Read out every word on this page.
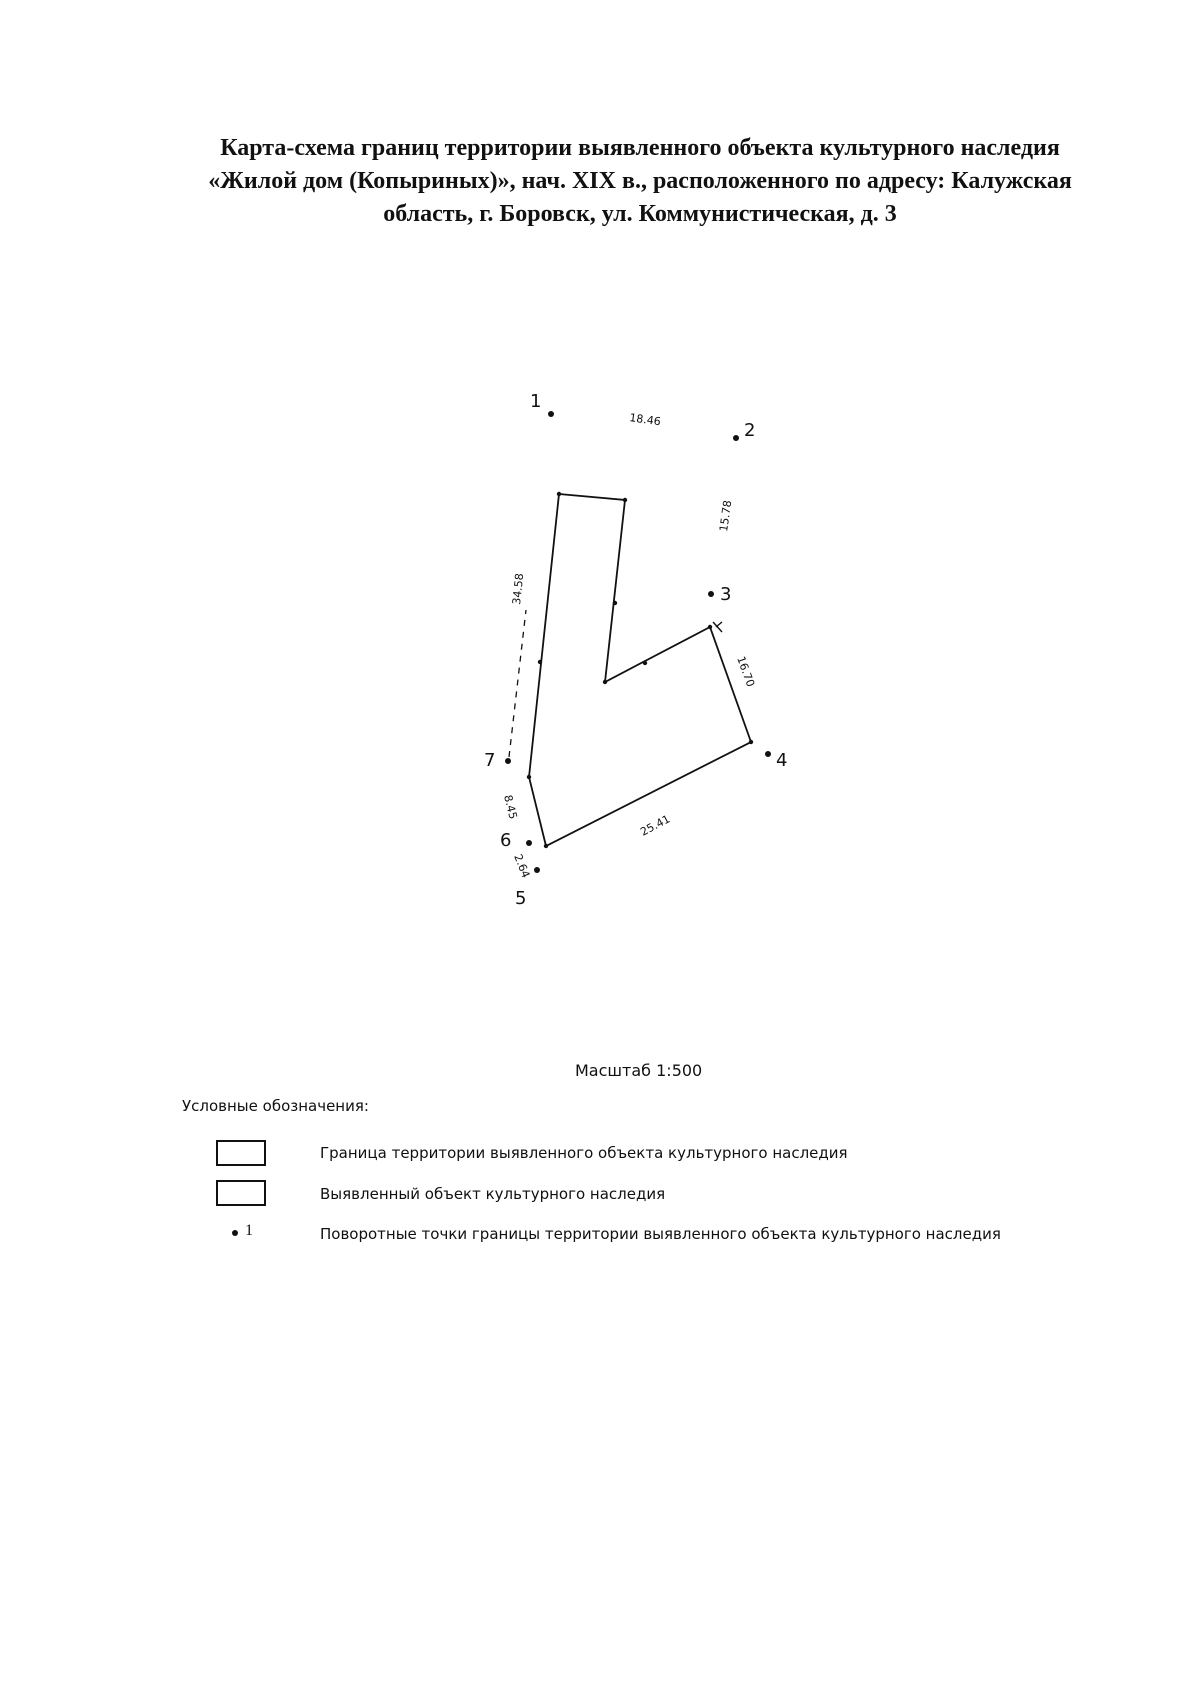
Карта-схема границ территории выявленного объекта культурного наследия
«Жилой дом (Копыриных)», нач. XIX в., расположенного по адресу: Калужская
область, г. Боровск, ул. Коммунистическая, д. 3
1
2
3
4
5
6
7
18.46
15.78
16.70
25.41
2.64
8.45
34.58
Масштаб 1:500
Условные обозначения:
Граница территории выявленного объекта культурного наследия
Выявленный объект культурного наследия
1	Поворотные точки границы территории выявленного объекта культурного наследия
